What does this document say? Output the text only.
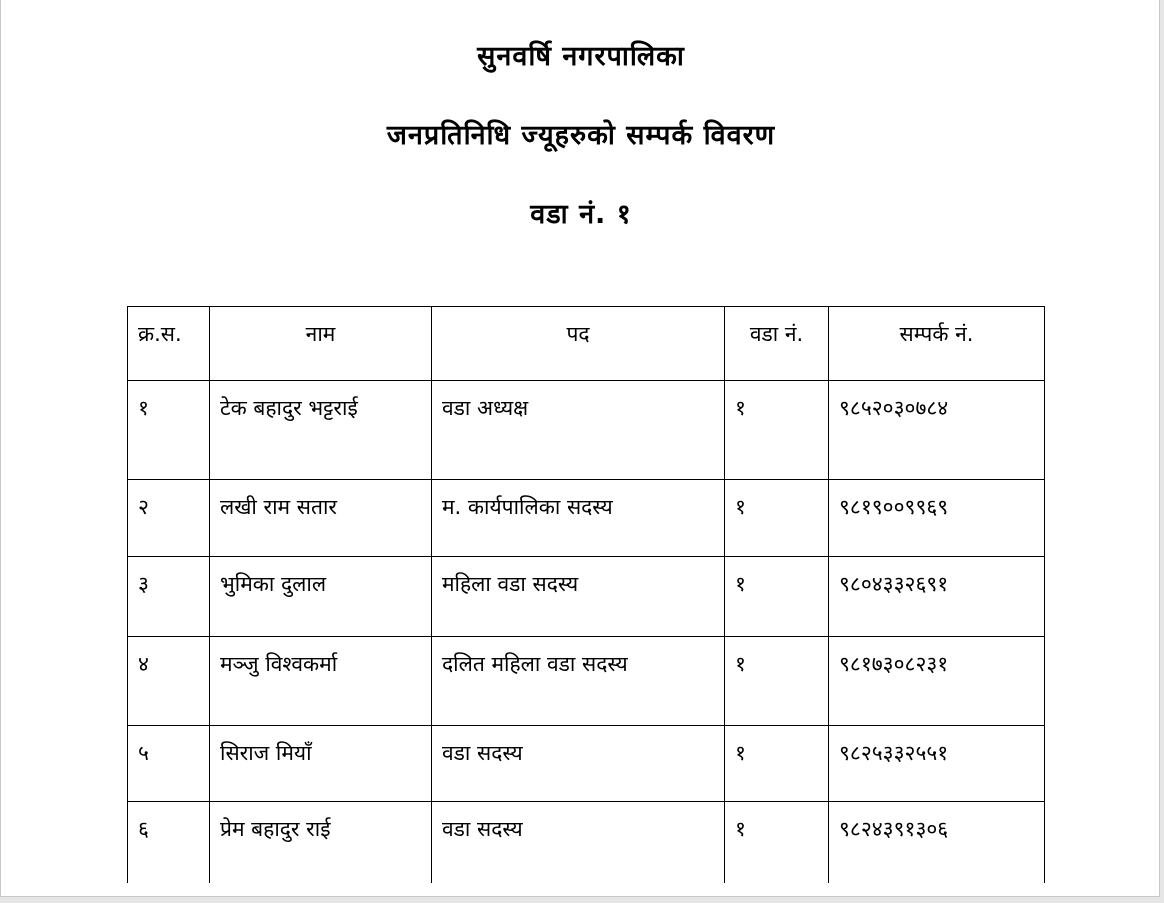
सुनवर्षि नगरपालिका
जनप्रतिनिधि ज्यूहरुको सम्पर्क विवरण
वडा नं. १
क्र.स.	नाम	पद	वडा नं.	सम्पर्क नं.
१	टेक बहादुर भट्टराई	वडा अध्यक्ष	१	९८५२०३०७८४
२	लखी राम सतार	म. कार्यपालिका सदस्य	१	९८१९००९९६९
३	भुमिका दुलाल	महिला वडा सदस्य	१	९८०४३३२६९१
४	मञ्जु विश्वकर्मा	दलित महिला वडा सदस्य	१	९८१७३०८२३१
५	सिराज मियाँ	वडा सदस्य	१	९८२५३३२५५१
६	प्रेम बहादुर राई	वडा सदस्य	१	९८२४३९१३०६
